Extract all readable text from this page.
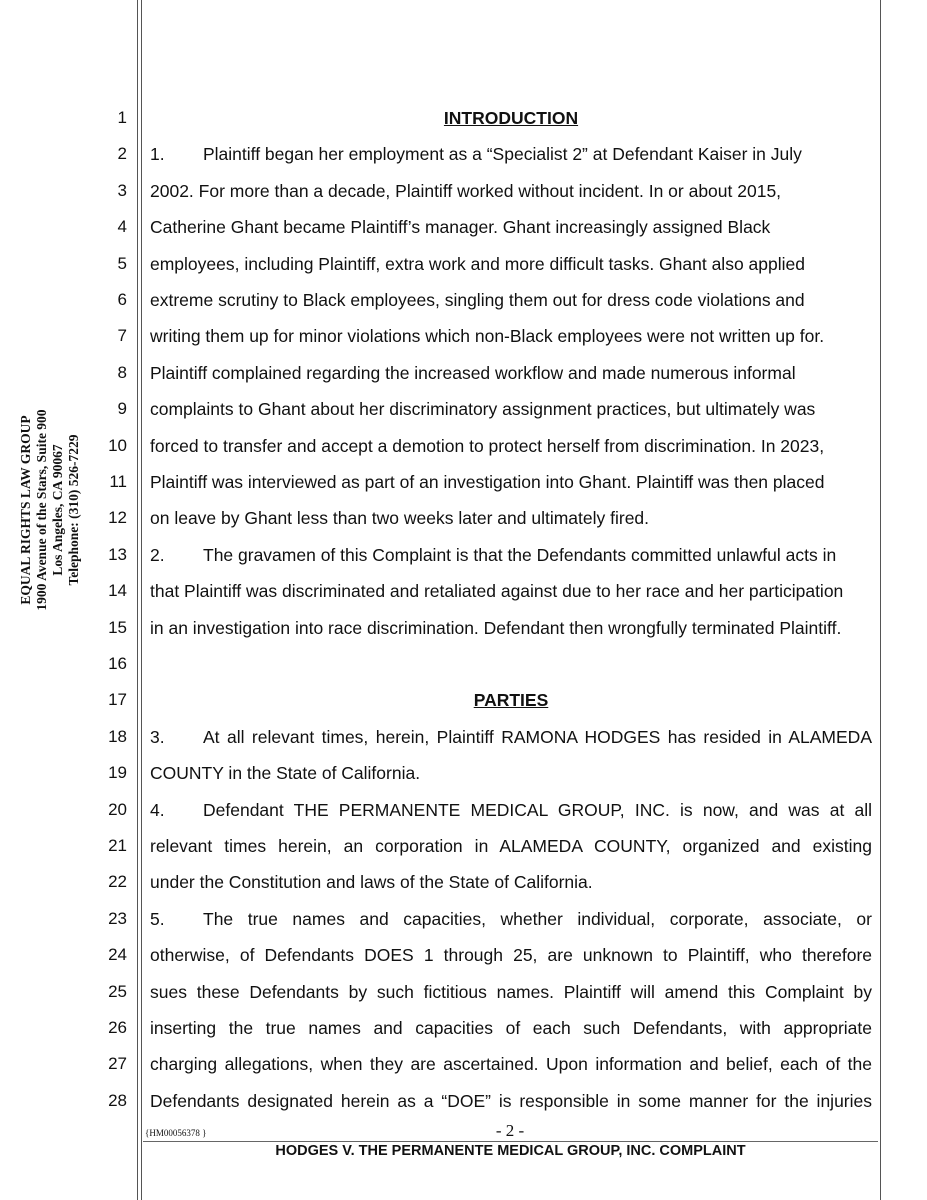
EQUAL RIGHTS LAW GROUP 1900 Avenue of the Stars, Suite 900 Los Angeles, CA 90067 Telephone: (310) 526-7229
1	INTRODUCTION
2 1. Plaintiff began her employment as a “Specialist 2” at Defendant Kaiser in July
3 2002. For more than a decade, Plaintiff worked without incident. In or about 2015,
4 Catherine Ghant became Plaintiff’s manager. Ghant increasingly assigned Black
5 employees, including Plaintiff, extra work and more difficult tasks. Ghant also applied
6 extreme scrutiny to Black employees, singling them out for dress code violations and
7 writing them up for minor violations which non-Black employees were not written up for.
8 Plaintiff complained regarding the increased workflow and made numerous informal
9 complaints to Ghant about her discriminatory assignment practices, but ultimately was
10 forced to transfer and accept a demotion to protect herself from discrimination. In 2023,
11 Plaintiff was interviewed as part of an investigation into Ghant. Plaintiff was then placed
12 on leave by Ghant less than two weeks later and ultimately fired.
13 2. The gravamen of this Complaint is that the Defendants committed unlawful acts in
14 that Plaintiff was discriminated and retaliated against due to her race and her participation
15 in an investigation into race discrimination. Defendant then wrongfully terminated Plaintiff.
16
17	PARTIES
18 3. At all relevant times, herein, Plaintiff RAMONA HODGES has resided in ALAMEDA
19 COUNTY in the State of California.
20 4. Defendant THE PERMANENTE MEDICAL GROUP, INC. is now, and was at all
21 relevant times herein, an corporation in ALAMEDA COUNTY, organized and existing
22 under the Constitution and laws of the State of California.
23 5. The true names and capacities, whether individual, corporate, associate, or
24 otherwise, of Defendants DOES 1 through 25, are unknown to Plaintiff, who therefore
25 sues these Defendants by such fictitious names. Plaintiff will amend this Complaint by
26 inserting the true names and capacities of each such Defendants, with appropriate
27 charging allegations, when they are ascertained. Upon information and belief, each of the
28 Defendants designated herein as a “DOE” is responsible in some manner for the injuries
{HM00056378 }	- 2 -
HODGES V. THE PERMANENTE MEDICAL GROUP, INC. COMPLAINT
